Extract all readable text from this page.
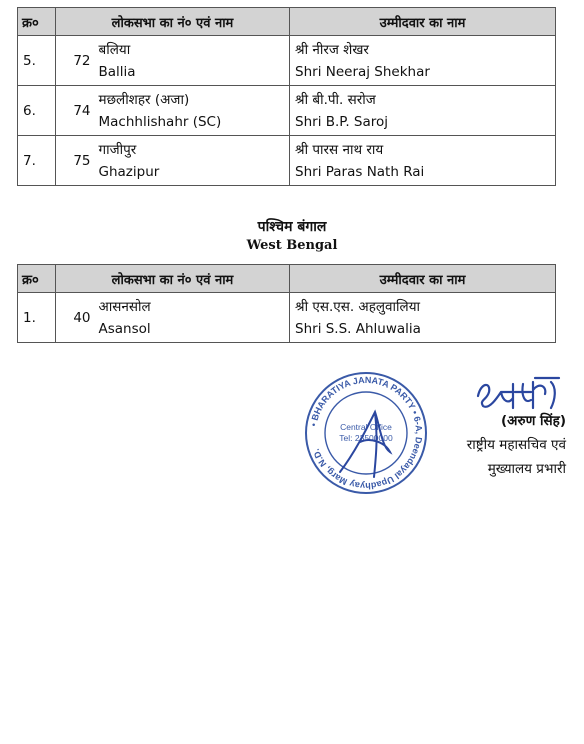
क्र०	लोकसभा का नं० एवं नाम		उम्मीदवार का नाम
5.	72	बलिया
Ballia	श्री नीरज शेखर
Shri Neeraj Shekhar

6.	74	मछलीशहर (अजा)
Machhlishahr (SC)	श्री बी.पी. सरोज
Shri B.P. Saroj

7.	75	गाजीपुर
Ghazipur	श्री पारस नाथ राय
Shri Paras Nath Rai
पश्चिम बंगाल
West Bengal
क्र०	लोकसभा का नं० एवं नाम		उम्मीदवार का नाम
1.	40	आसनसोल
Asansol	श्री एस.एस. अहलुवालिया
Shri S.S. Ahluwalia
• BHARATIYA JANATA PARTY • 6-A, Deendayal Upadhyay Marg, N.D.
Central Office
Tel: 23500000
(अरुण सिंह)
राष्ट्रीय महासचिव एवं
मुख्यालय प्रभारी
